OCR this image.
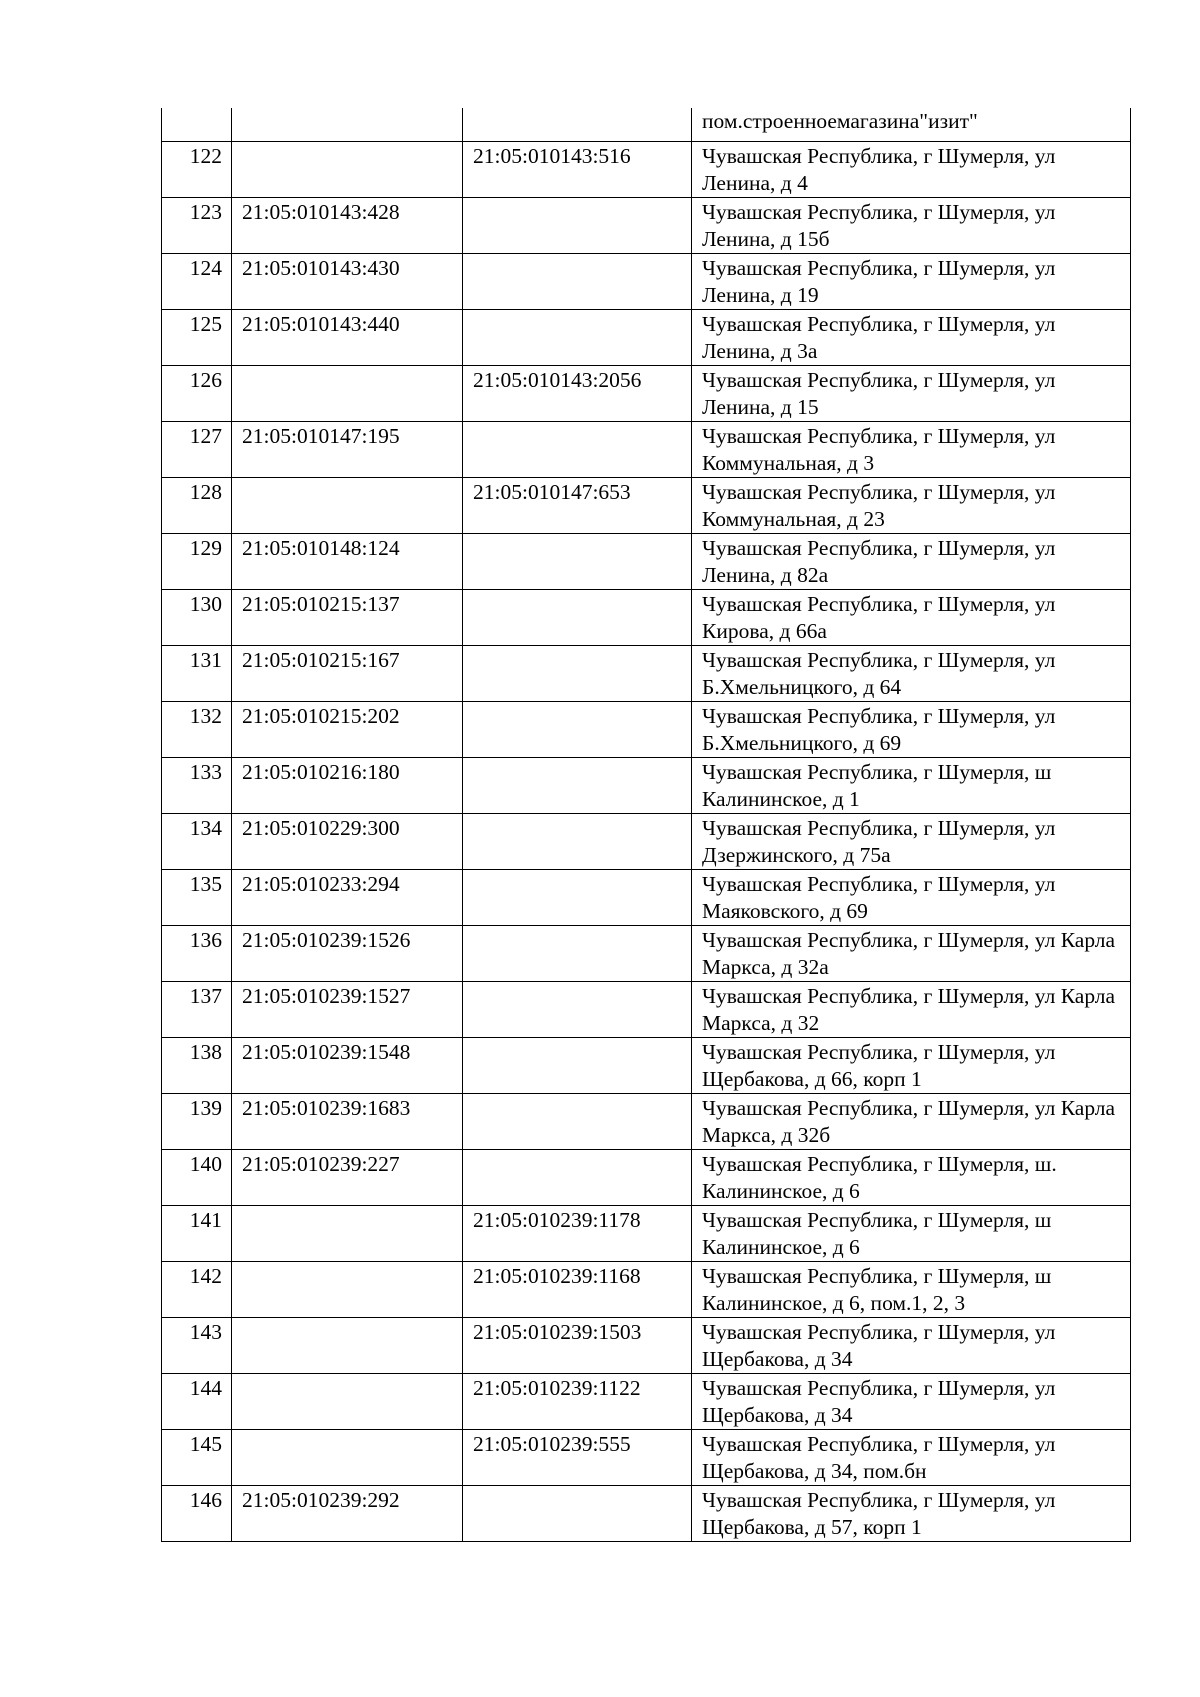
			пом.строенноемагазина"изит"

122		21:05:010143:516	Чувашская Республика, г Шумерля, ул Ленина, д 4

123	21:05:010143:428		Чувашская Республика, г Шумерля, ул Ленина, д 15б

124	21:05:010143:430		Чувашская Республика, г Шумерля, ул Ленина, д 19

125	21:05:010143:440		Чувашская Республика, г Шумерля, ул Ленина, д 3а

126		21:05:010143:2056	Чувашская Республика, г Шумерля, ул Ленина, д 15

127	21:05:010147:195		Чувашская Республика, г Шумерля, ул Коммунальная, д 3

128		21:05:010147:653	Чувашская Республика, г Шумерля, ул Коммунальная, д 23

129	21:05:010148:124		Чувашская Республика, г Шумерля, ул Ленина, д 82а

130	21:05:010215:137		Чувашская Республика, г Шумерля, ул Кирова, д 66а

131	21:05:010215:167		Чувашская Республика, г Шумерля, ул Б.Хмельницкого, д 64

132	21:05:010215:202		Чувашская Республика, г Шумерля, ул Б.Хмельницкого, д 69

133	21:05:010216:180		Чувашская Республика, г Шумерля, ш Калининское, д 1

134	21:05:010229:300		Чувашская Республика, г Шумерля, ул Дзержинского, д 75а

135	21:05:010233:294		Чувашская Республика, г Шумерля, ул Маяковского, д 69

136	21:05:010239:1526		Чувашская Республика, г Шумерля, ул Карла Маркса, д 32а

137	21:05:010239:1527		Чувашская Республика, г Шумерля, ул Карла Маркса, д 32

138	21:05:010239:1548		Чувашская Республика, г Шумерля, ул Щербакова, д 66, корп 1

139	21:05:010239:1683		Чувашская Республика, г Шумерля, ул Карла Маркса, д 32б

140	21:05:010239:227		Чувашская Республика, г Шумерля, ш. Калининское, д 6

141		21:05:010239:1178	Чувашская Республика, г Шумерля, ш Калининское, д 6

142		21:05:010239:1168	Чувашская Республика, г Шумерля, ш Калининское, д 6, пом.1, 2, 3

143		21:05:010239:1503	Чувашская Республика, г Шумерля, ул Щербакова, д 34

144		21:05:010239:1122	Чувашская Республика, г Шумерля, ул Щербакова, д 34

145		21:05:010239:555	Чувашская Республика, г Шумерля, ул Щербакова, д 34, пом.бн

146	21:05:010239:292		Чувашская Республика, г Шумерля, ул Щербакова, д 57, корп 1
